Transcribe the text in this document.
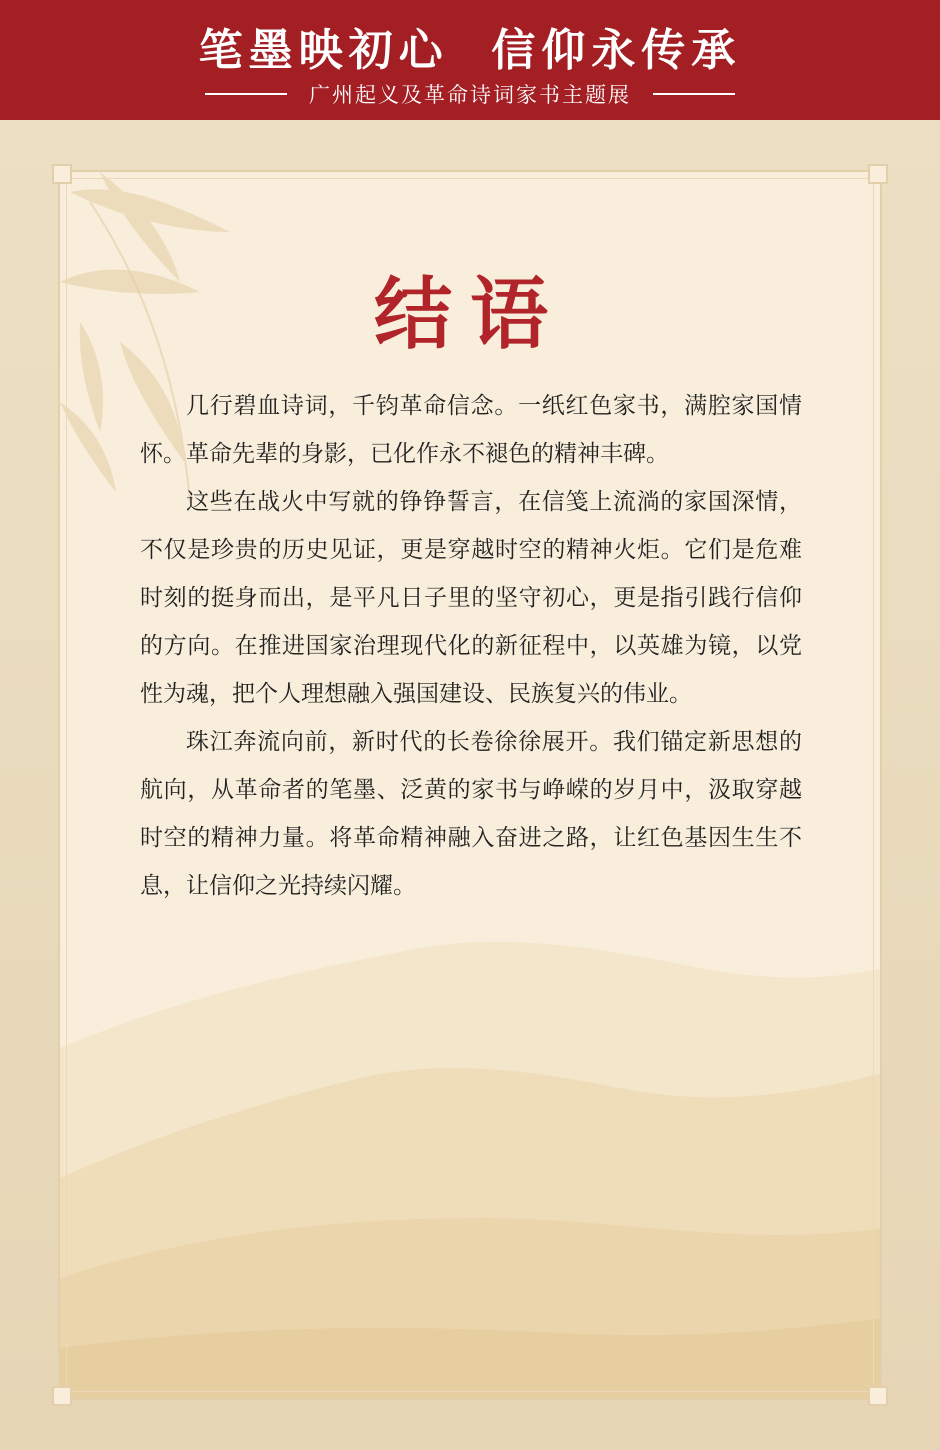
笔墨映初心  信仰永传承
广州起义及革命诗词家书主题展
结语

几行碧血诗词，千钧革命信念。一纸红色家书，满腔家国情怀。革命先辈的身影，已化作永不褪色的精神丰碑。

这些在战火中写就的铮铮誓言，在信笺上流淌的家国深情，不仅是珍贵的历史见证，更是穿越时空的精神火炬。它们是危难时刻的挺身而出，是平凡日子里的坚守初心，更是指引践行信仰的方向。在推进国家治理现代化的新征程中，以英雄为镜，以党性为魂，把个人理想融入强国建设、民族复兴的伟业。

珠江奔流向前，新时代的长卷徐徐展开。我们锚定新思想的航向，从革命者的笔墨、泛黄的家书与峥嵘的岁月中，汲取穿越时空的精神力量。将革命精神融入奋进之路，让红色基因生生不息，让信仰之光持续闪耀。
